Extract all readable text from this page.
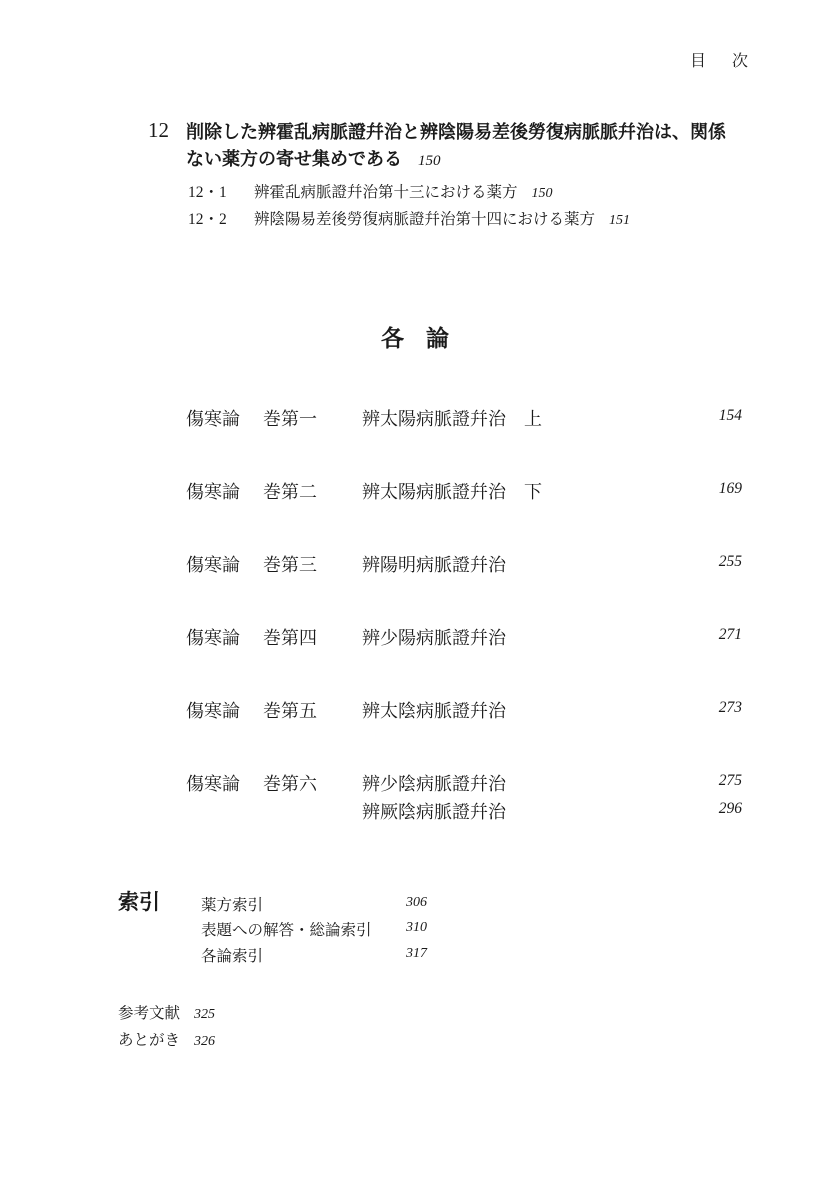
目 次
12 削除した辨霍乱病脈證幷治と辨陰陽易差後勞復病脈脈幷治は、関係
ない薬方の寄せ集めである 150
12・1 辨霍乱病脈證幷治第十三における薬方 150
12・2 辨陰陽易差後勞復病脈證幷治第十四における薬方 151
各 論
傷寒論 巻第一	辨太陽病脈證幷治　上	154
傷寒論 巻第二	辨太陽病脈證幷治　下	169
傷寒論 巻第三	辨陽明病脈證幷治	255
傷寒論 巻第四	辨少陽病脈證幷治	271
傷寒論 巻第五	辨太陰病脈證幷治	273
傷寒論 巻第六	辨少陰病脈證幷治	275
辨厥陰病脈證幷治	296
索引	薬方索引	306
表題への解答・総論索引 310
各論索引	317
参考文献 325
あとがき 326
